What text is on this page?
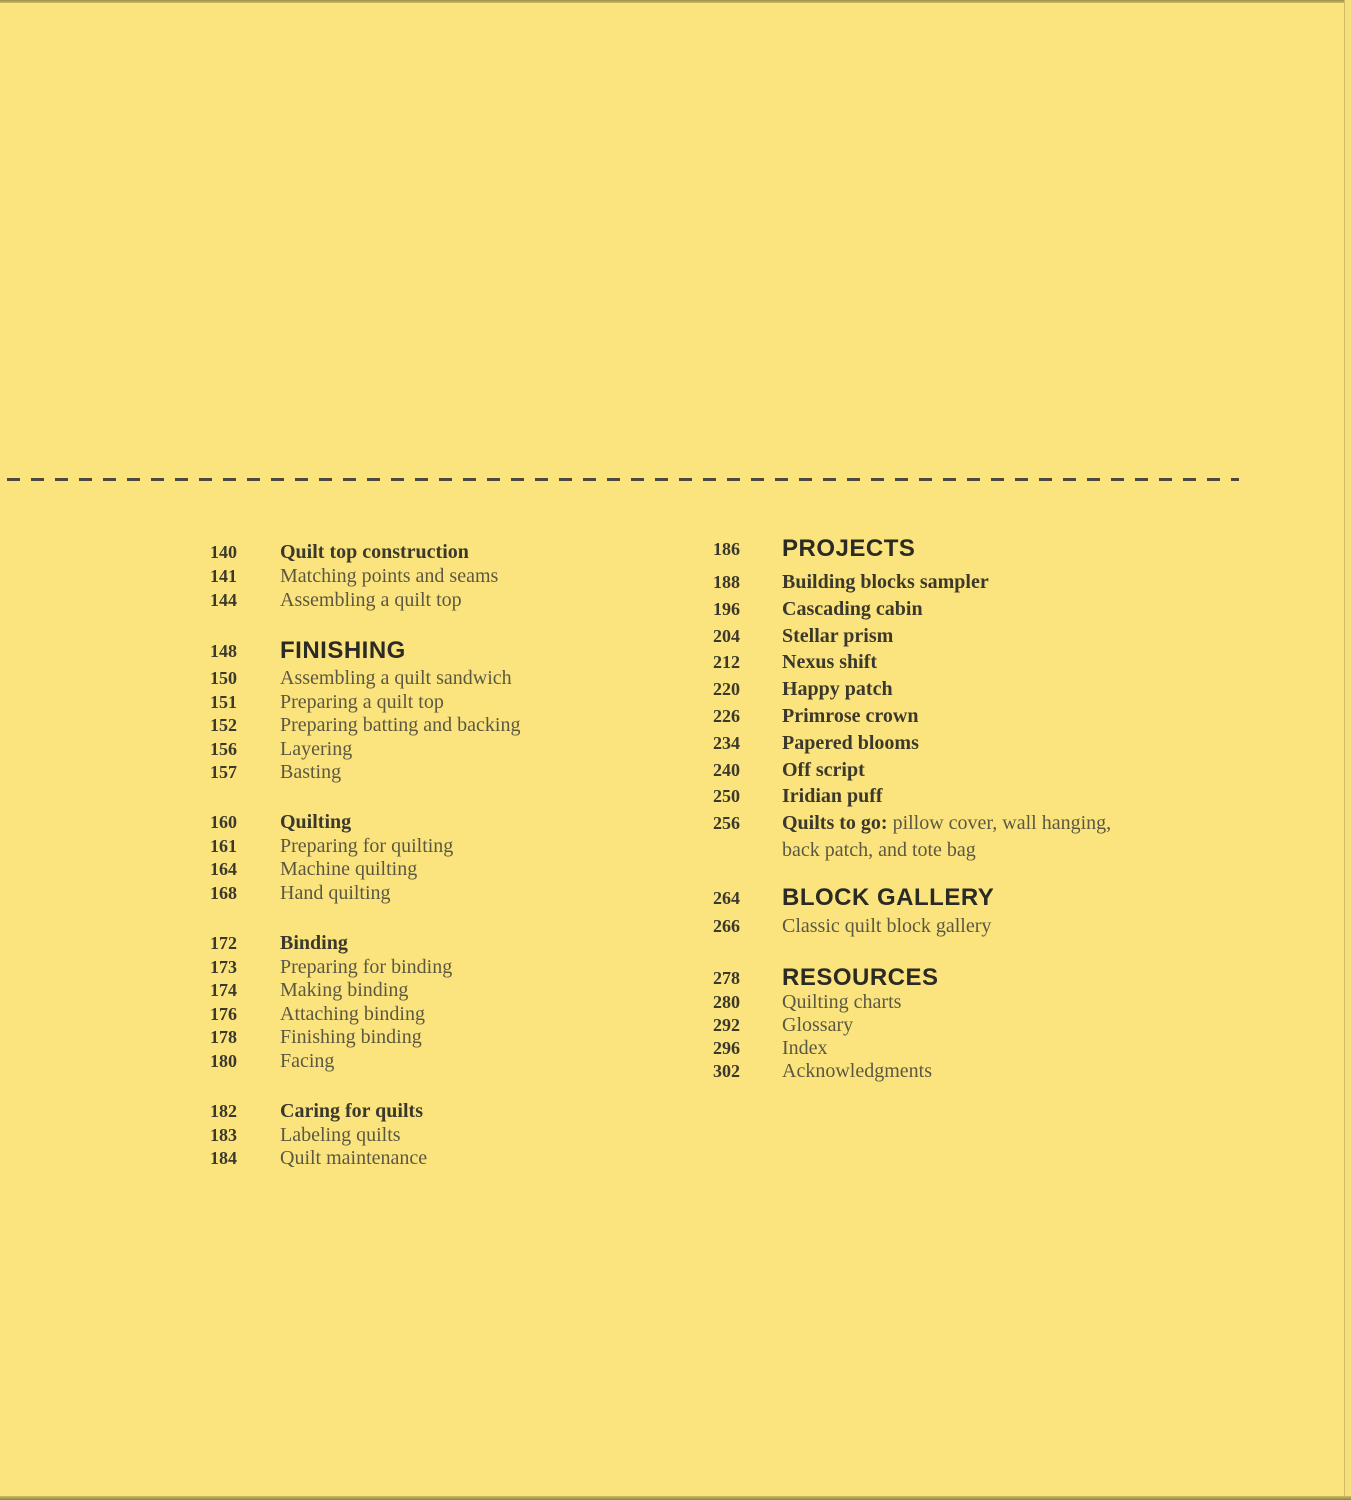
140	Quilt top construction
141	Matching points and seams
144	Assembling a quilt top
148	FINISHING
150	Assembling a quilt sandwich
151	Preparing a quilt top
152	Preparing batting and backing
156	Layering
157	Basting
160	Quilting
161	Preparing for quilting
164	Machine quilting
168	Hand quilting
172	Binding
173	Preparing for binding
174	Making binding
176	Attaching binding
178	Finishing binding
180	Facing
182	Caring for quilts
183	Labeling quilts
184	Quilt maintenance
186	PROJECTS
188	Building blocks sampler
196	Cascading cabin
204	Stellar prism
212	Nexus shift
220	Happy patch
226	Primrose crown
234	Papered blooms
240	Off script
250	Iridian puff
256	Quilts to go: pillow cover, wall hanging, back patch, and tote bag
264	BLOCK GALLERY
266	Classic quilt block gallery
278	RESOURCES
280	Quilting charts
292	Glossary
296	Index
302	Acknowledgments
